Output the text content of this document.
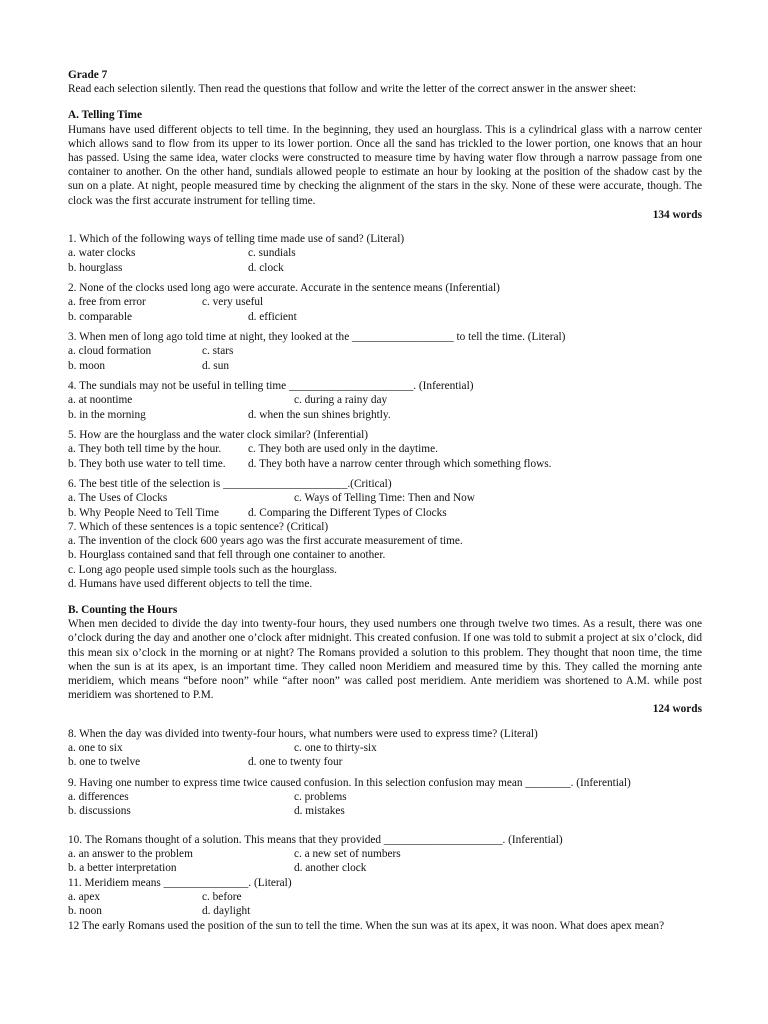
Grade 7
Read each selection silently. Then read the questions that follow and write the letter of the correct answer in the answer sheet:
A. Telling Time

Humans have used different objects to tell time. In the beginning, they used an hourglass. This is a cylindrical glass with a narrow center which allows sand to flow from its upper to its lower portion. Once all the sand has trickled to the lower portion, one knows that an hour has passed. Using the same idea, water clocks were constructed to measure time by having water flow through a narrow passage from one container to another. On the other hand, sundials allowed people to estimate an hour by looking at the position of the shadow cast by the sun on a plate. At night, people measured time by checking the alignment of the stars in the sky. None of these were accurate, though. The clock was the first accurate instrument for telling time.

134 words

1. Which of the following ways of telling time made use of sand? (Literal)
a. water clocks	c. sundials
b. hourglass	d. clock
2. None of the clocks used long ago were accurate. Accurate in the sentence means (Inferential)
a. free from error	c. very useful
b. comparable	d. efficient
3. When men of long ago told time at night, they looked at the __________________ to tell the time. (Literal)
a. cloud formation	c. stars
b. moon	d. sun
4. The sundials may not be useful in telling time ______________________. (Inferential)
a. at noontime	c. during a rainy day
b. in the morning	d. when the sun shines brightly.
5. How are the hourglass and the water clock similar? (Inferential)
a. They both tell time by the hour. c. They both are used only in the daytime.
b. They both use water to tell time. d. They both have a narrow center through which something flows.
6. The best title of the selection is ______________________.(Critical)
a. The Uses of Clocks	c. Ways of Telling Time: Then and Now
b. Why People Need to Tell Time	d. Comparing the Different Types of Clocks
7. Which of these sentences is a topic sentence? (Critical)
a. The invention of the clock 600 years ago was the first accurate measurement of time.
b. Hourglass contained sand that fell through one container to another.
c. Long ago people used simple tools such as the hourglass.
d. Humans have used different objects to tell the time.
B. Counting the Hours

When men decided to divide the day into twenty-four hours, they used numbers one through twelve two times. As a result, there was one o’clock during the day and another one o’clock after midnight. This created confusion. If one was told to submit a project at six o’clock, did this mean six o’clock in the morning or at night? The Romans provided a solution to this problem. They thought that noon time, the time when the sun is at its apex, is an important time. They called noon Meridiem and measured time by this. They called the morning ante meridiem, which means “before noon” while “after noon” was called post meridiem. Ante meridiem was shortened to A.M. while post meridiem was shortened to P.M.

124 words

8. When the day was divided into twenty-four hours, what numbers were used to express time? (Literal)
a. one to six	c. one to thirty-six
b. one to twelve	d. one to twenty four
9. Having one number to express time twice caused confusion. In this selection confusion may mean ________. (Inferential)
a. differences	c. problems
b. discussions	d. mistakes
10. The Romans thought of a solution. This means that they provided _____________________. (Inferential)
a. an answer to the problem	c. a new set of numbers
b. a better interpretation	d. another clock
11. Meridiem means _______________. (Literal)
a. apex	c. before
b. noon	d. daylight
12 The early Romans used the position of the sun to tell the time. When the sun was at its apex, it was noon. What does apex mean?
